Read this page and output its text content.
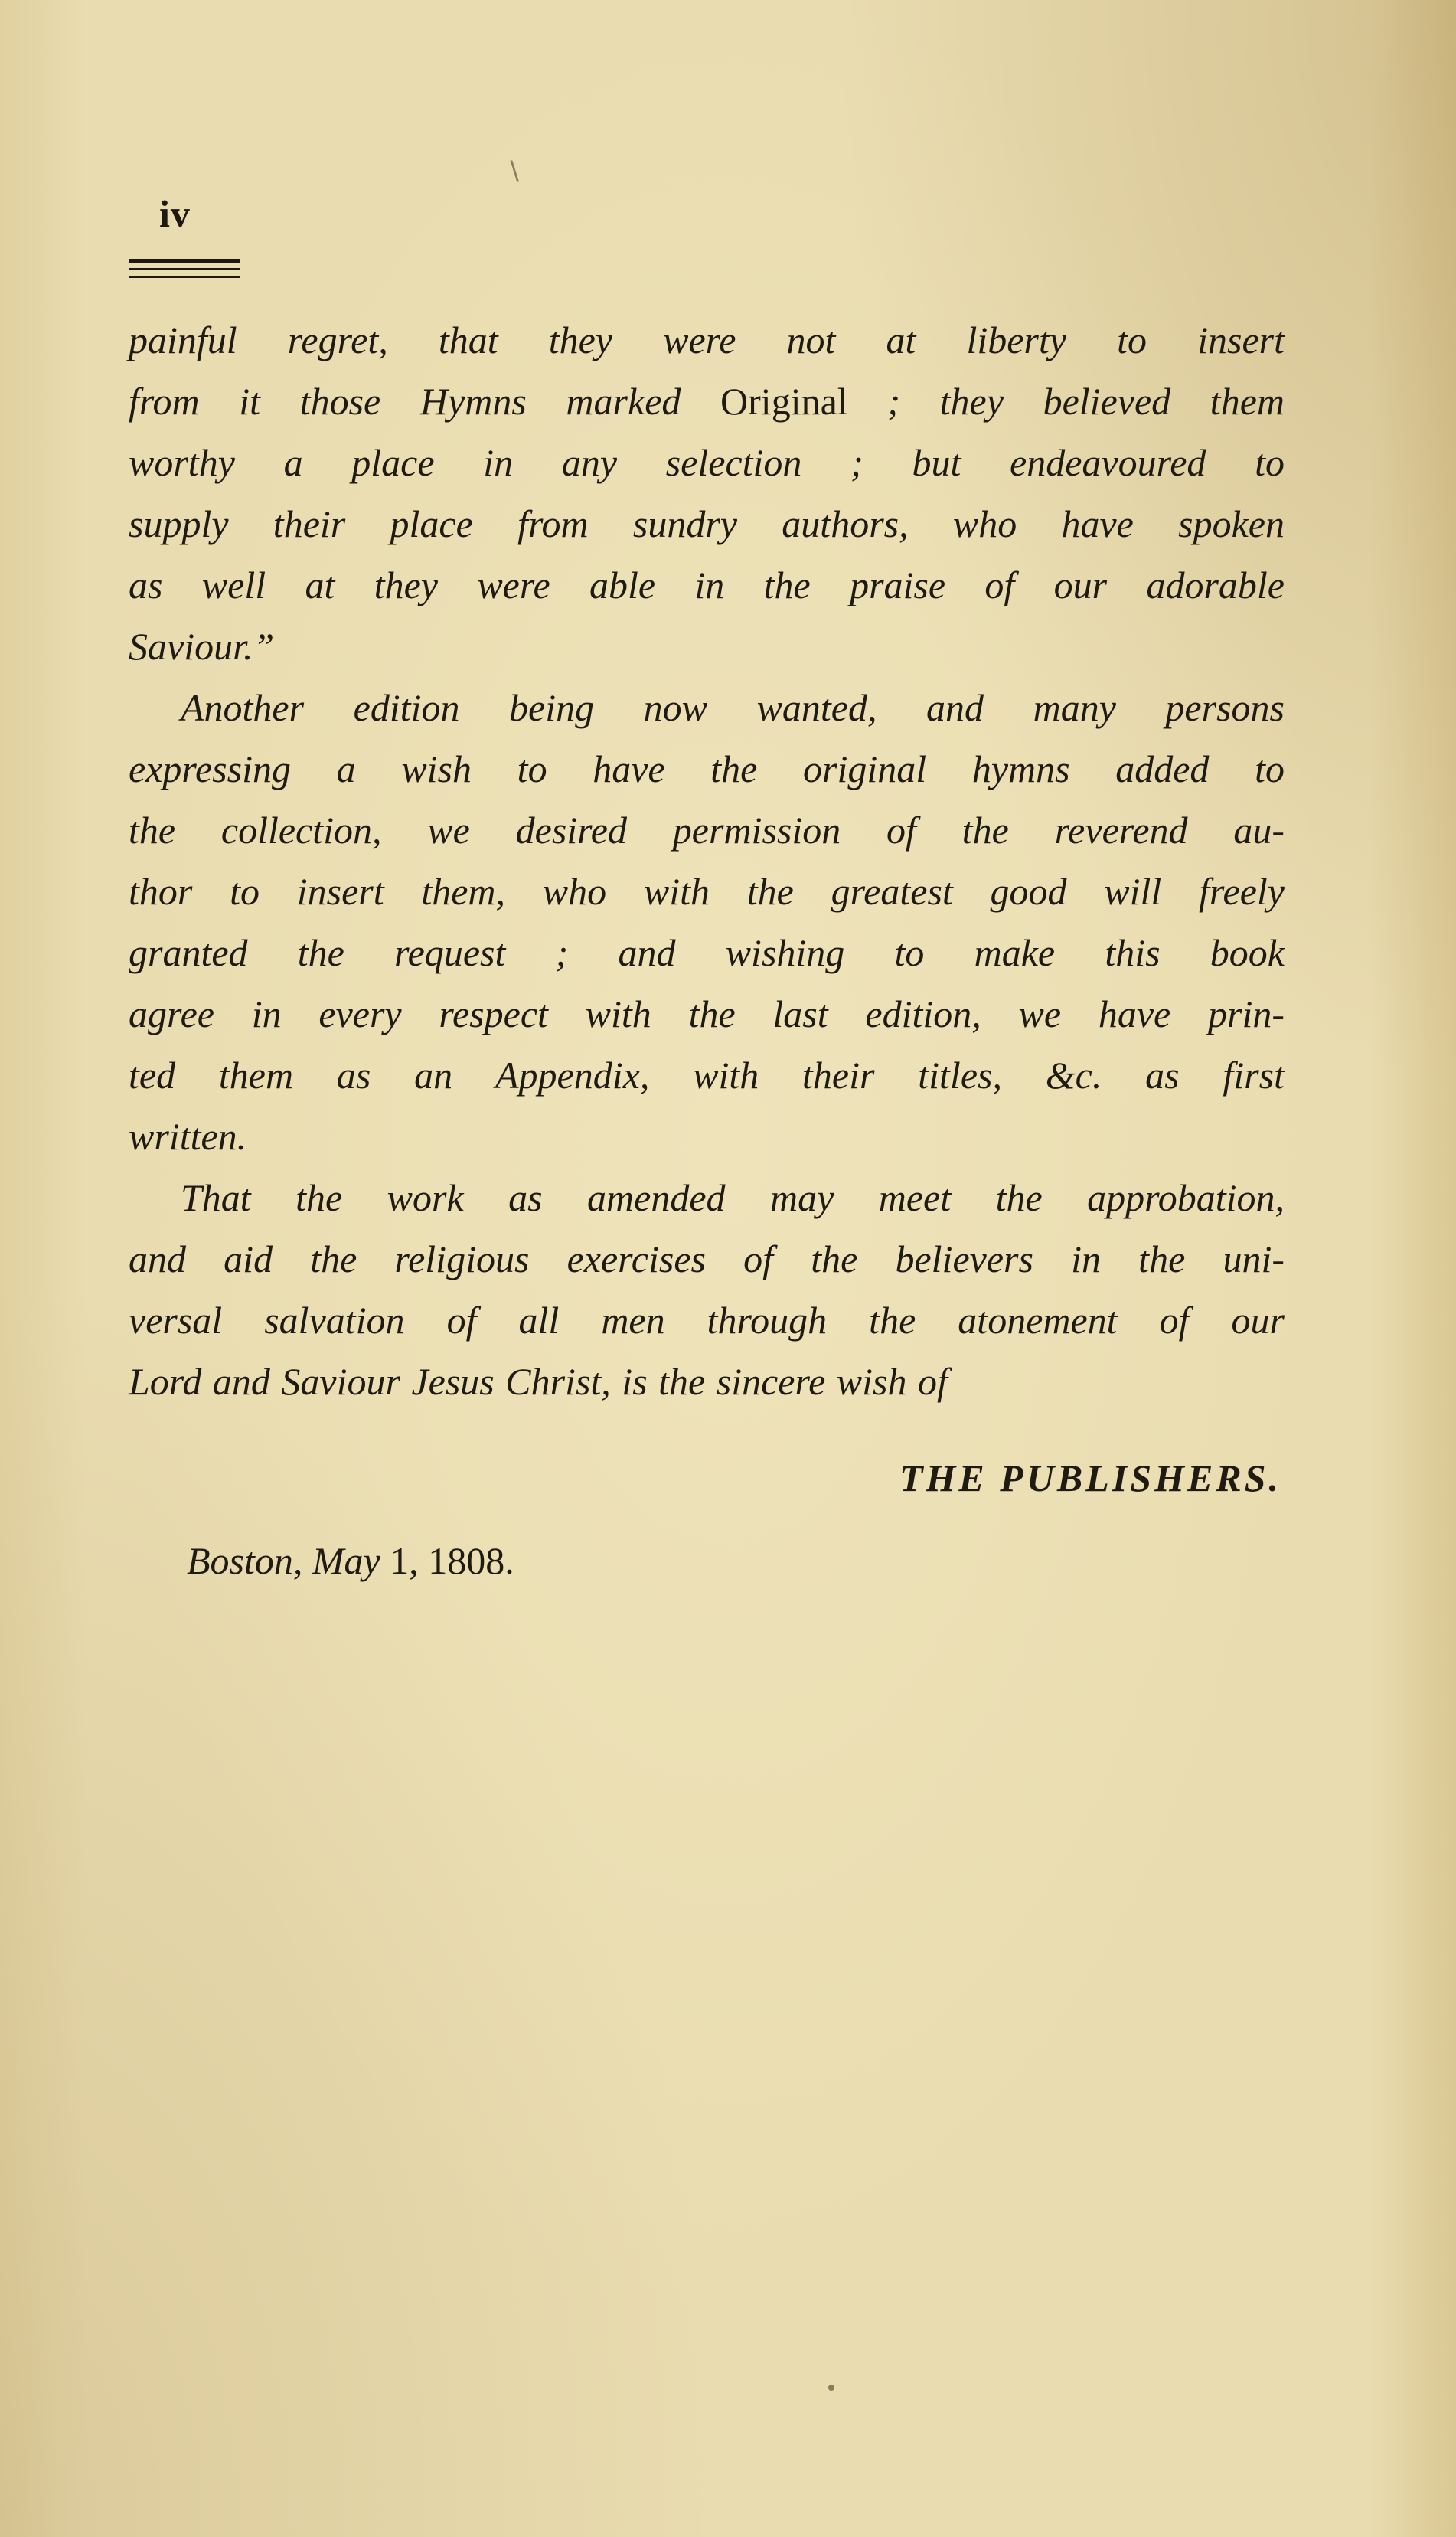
iv
painful regret, that they were not at liberty to insert
from it those Hymns marked Original ; they believed them
worthy a place in any selection ; but endeavoured to
supply their place from sundry authors, who have spoken
as well at they were able in the praise of our adorable
Saviour.”
Another edition being now wanted, and many persons
expressing a wish to have the original hymns added to
the collection, we desired permission of the reverend au-
thor to insert them, who with the greatest good will freely
granted the request ; and wishing to make this book
agree in every respect with the last edition, we have prin-
ted them as an Appendix, with their titles, &c. as first
written.
That the work as amended may meet the approbation,
and aid the religious exercises of the believers in the uni-
versal salvation of all men through the atonement of our
Lord and Saviour Jesus Christ, is the sincere wish of
THE PUBLISHERS.
Boston, May 1, 1808.
∖
•
